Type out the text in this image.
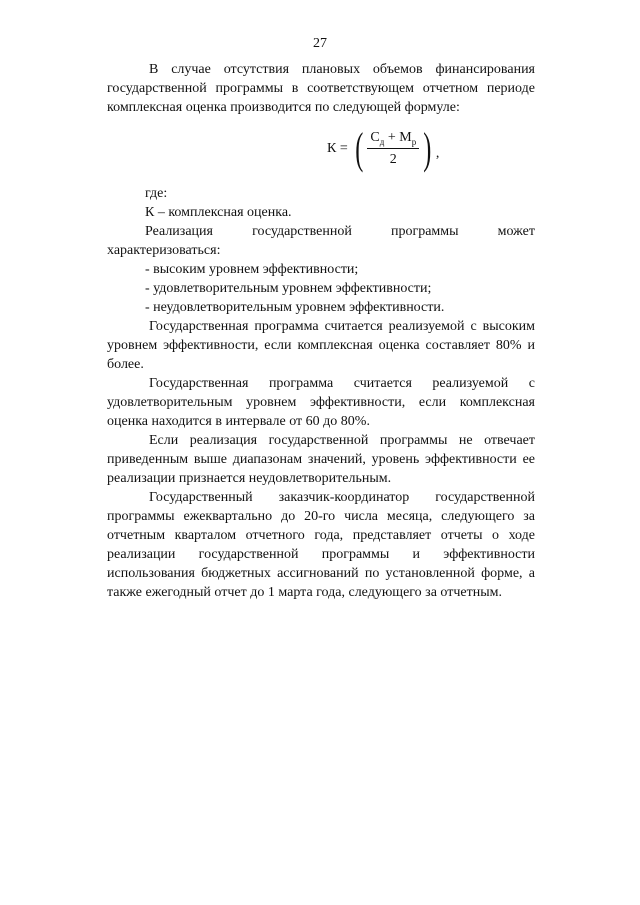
27

В случае отсутствия плановых объемов финансирования государственной программы в соответствующем отчетном периоде комплексная оценка производится по следующей формуле:

К = ( $\frac{С_д + М_р}{2}$ ) ,

где:

К – комплексная оценка.

Реализация государственной программы может характеризоваться:

- высоким уровнем эффективности;

- удовлетворительным уровнем эффективности;

- неудовлетворительным уровнем эффективности.

Государственная программа считается реализуемой с высоким уровнем эффективности, если комплексная оценка составляет 80% и более.

Государственная программа считается реализуемой с удовлетворительным уровнем эффективности, если комплексная оценка находится в интервале от 60 до 80%.

Если реализация государственной программы не отвечает приведенным выше диапазонам значений, уровень эффективности ее реализации признается неудовлетворительным.

Государственный заказчик-координатор государственной программы ежеквартально до 20-го числа месяца, следующего за отчетным кварталом отчетного года, представляет отчеты о ходе реализации государственной программы и эффективности использования бюджетных ассигнований по установленной форме, а также ежегодный отчет до 1 марта года, следующего за отчетным.
